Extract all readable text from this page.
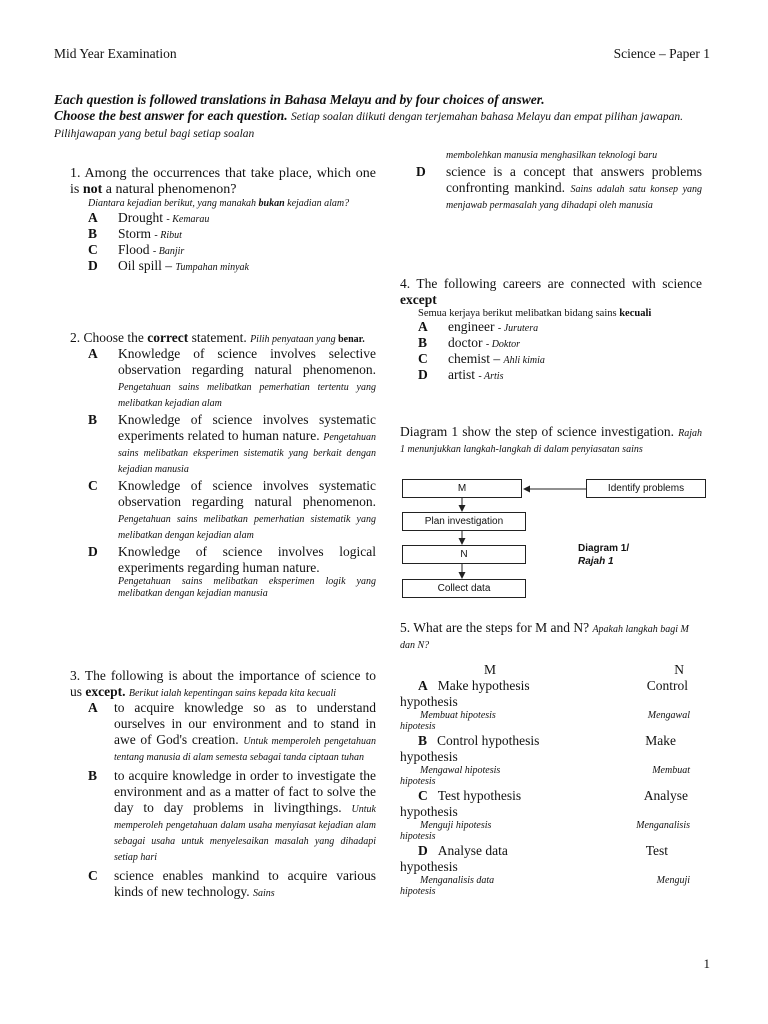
Mid Year Examination	Science – Paper 1
Each question is followed translations in Bahasa Melayu and by four choices of answer.
Choose the best answer for each question. Setiap soalan diikuti dengan terjemahan bahasa Melayu dan empat pilihan jawapan. Pilihjawapan yang betul bagi setiap soalan
1. Among the occurrences that take place, which one is not a natural phenomenon?
Diantara kejadian berikut, yang manakah bukan kejadian alam?
A	Drought
- Kemarau
B	Storm
- Ribut
C	Flood
- Banjir
D	Oil spill –
Tumpahan minyak
2. Choose the correct statement. Pilih penyataan yang benar.
A	Knowledge of science involves selective observation regarding natural phenomenon. Pengetahuan sains melibatkan pemerhatian tertentu yang melibatkan kejadian alam
B	Knowledge of science involves systematic experiments related to human nature. Pengetahuan sains melibatkan eksperimen sistematik yang berkait dengan kejadian manusia
C	Knowledge of science involves systematic observation regarding natural phenomenon. Pengetahuan sains melibatkan pemerhatian sistematik yang melibatkan dengan kejadian alam
D	Knowledge of science involves logical experiments regarding human nature.
Pengetahuan sains melibatkan eksperimen logik yang melibatkan dengan kejadian manusia
3. The following is about the importance of science to us except. Berikut ialah kepentingan sains kepada kita kecuali
A	to acquire knowledge so as to understand ourselves in our environment and to stand in awe of God's creation. Untuk memperoleh pengetahuan tentang manusia di alam semesta sebagai tanda ciptaan tuhan
B	to acquire knowledge in order to investigate the environment and as a matter of fact to solve the day to day problems in livingthings. Untuk memperoleh pengetahuan dalam usaha menyiasat kejadian alam sebagai usaha untuk menyelesaikan masalah yang dihadapi setiap hari
C	science enables mankind to acquire various kinds of new technology. Sains
membolehkan manusia menghasilkan teknologi baru
D	science is a concept that answers problems confronting mankind. Sains adalah satu konsep yang menjawab permasalah yang dihadapi oleh manusia
4. The following careers are connected with science except
Semua kerjaya berikut melibatkan bidang sains kecuali
A	engineer
- Jurutera
B	doctor
- Doktor
C	chemist –
Ahli kimia
D	artist
- Artis
Diagram 1 show the step of science investigation. Rajah 1 menunjukkan langkah-langkah di dalam penyiasatan sains
M	Identify problems
Plan investigation
N
Collect data
Diagram 1/
Rajah 1
5. What are the steps for M and N? Apakah langkah bagi M dan N?
M	N
A Make hypothesis	Control
hypothesis
Membuat hipotesis	Mengawal
hipotesis
B Control hypothesis	Make
hypothesis
Mengawal hipotesis	Membuat
hipotesis
C Test hypothesis	Analyse
hypothesis
Menguji hipotesis	Menganalisis
hipotesis
D Analyse data	Test
hypothesis
Menganalisis data	Menguji
hipotesis
1
